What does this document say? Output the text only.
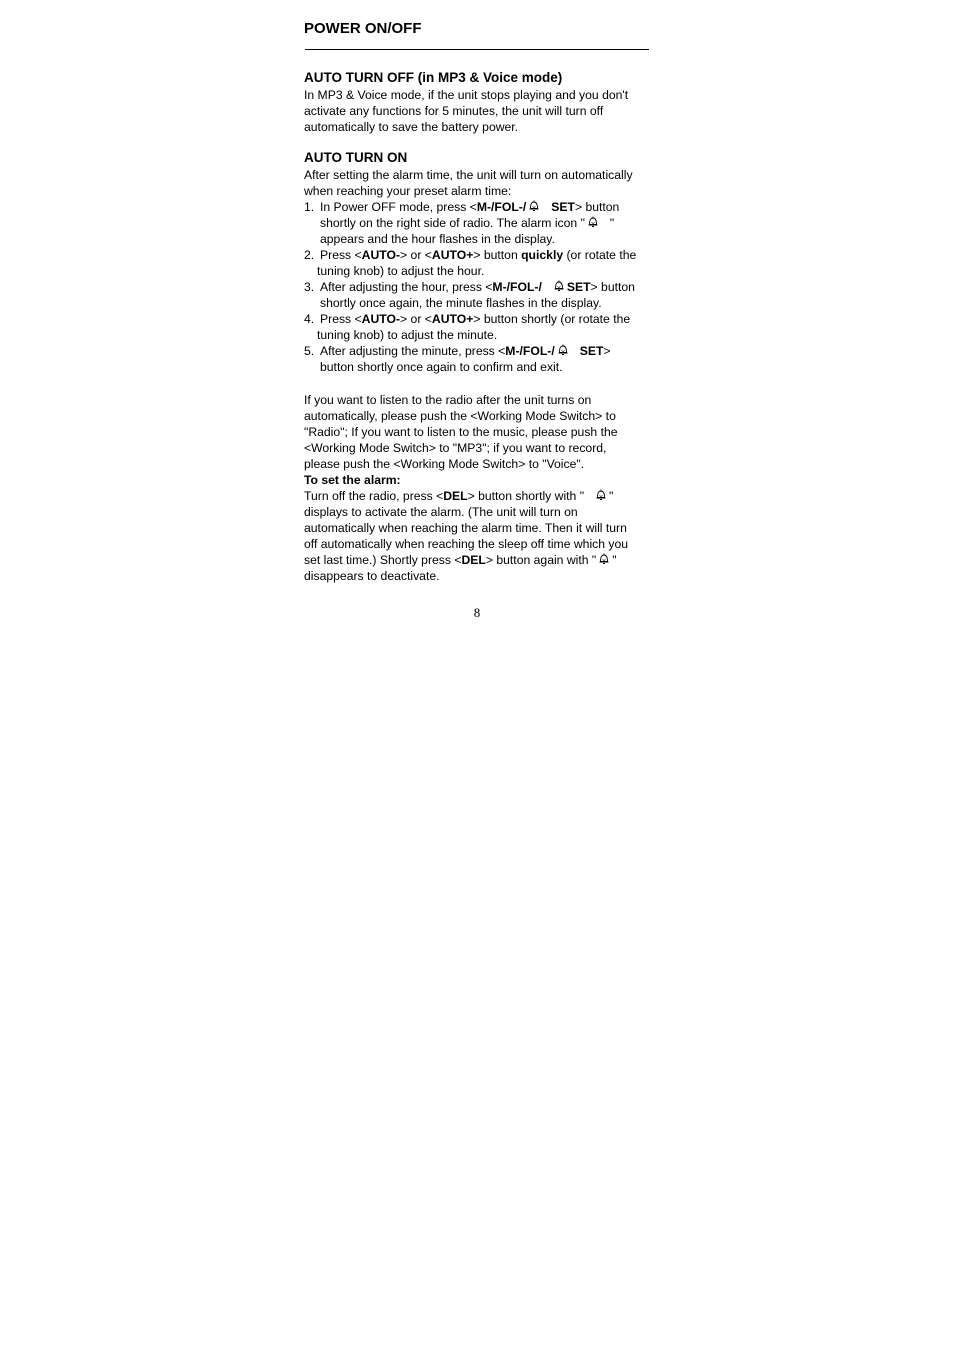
POWER ON/OFF
AUTO TURN OFF (in MP3 & Voice mode)
In MP3 & Voice mode, if the unit stops playing and you don't
activate any functions for 5 minutes, the unit will turn off
automatically to save the battery power.
AUTO TURN ON
After setting the alarm time, the unit will turn on automatically
when reaching your preset alarm time:
1. In Power OFF mode, press <M-/FOL-/ SET> button
shortly on the right side of radio. The alarm icon " "
appears and the hour flashes in the display.
2. Press <AUTO-> or <AUTO+> button quickly (or rotate the
tuning knob) to adjust the hour.
3. After adjusting the hour, press <M-/FOL-/ SET> button
shortly once again, the minute flashes in the display.
4. Press <AUTO-> or <AUTO+> button shortly (or rotate the
tuning knob) to adjust the minute.
5. After adjusting the minute, press <M-/FOL-/ SET>
button shortly once again to confirm and exit.
If you want to listen to the radio after the unit turns on
automatically, please push the <Working Mode Switch> to
"Radio"; If you want to listen to the music, please push the
<Working Mode Switch> to "MP3"; if you want to record,
please push the <Working Mode Switch> to "Voice".
To set the alarm:
Turn off the radio, press <DEL> button shortly with " "
displays to activate the alarm. (The unit will turn on
automatically when reaching the alarm time. Then it will turn
off automatically when reaching the sleep off time which you
set last time.) Shortly press <DEL> button again with " "
disappears to deactivate.
8
